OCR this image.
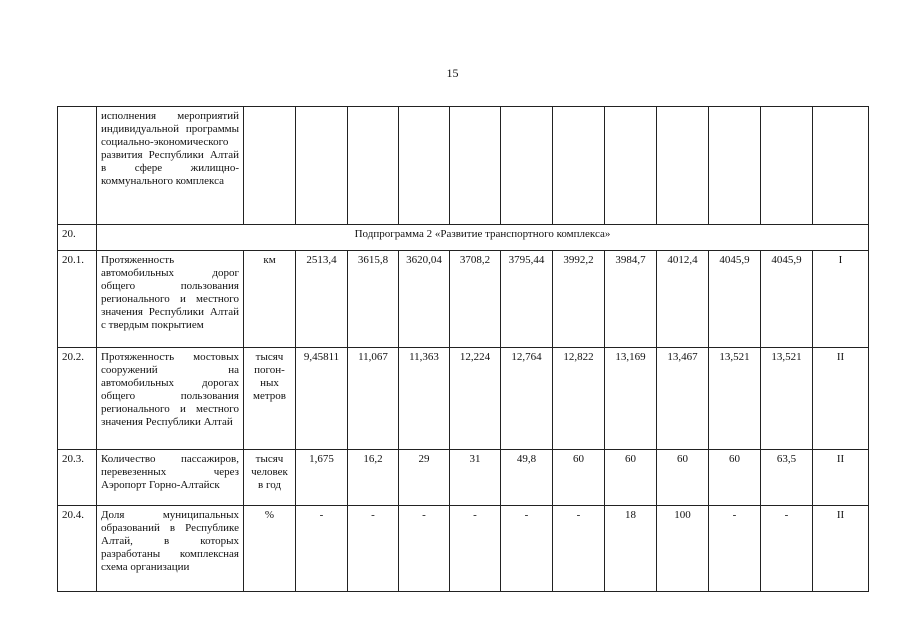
15
	исполнения мероприятий индивидуальной программы социально-экономического развития Республики Алтай в сфере жилищно-коммунального комплекса												
20.	Подпрограмма 2 «Развитие транспортного комплекса»												
20.1.	Протяженность автомобильных дорог общего пользования регионального и местного значения Республики Алтай с твердым покрытием	км	2513,4	3615,8	3620,04	3708,2	3795,44	3992,2	3984,7	4012,4	4045,9	4045,9	I
20.2.	Протяженность мостовых сооружений на автомобильных дорогах общего пользования регионального и местного значения Республики Алтай	тысяч
погон-
ных
метров	9,45811	11,067	11,363	12,224	12,764	12,822	13,169	13,467	13,521	13,521	II
20.3.	Количество пассажиров, перевезенных через Аэропорт Горно-Алтайск	тысяч
человек
в год	1,675	16,2	29	31	49,8	60	60	60	60	63,5	II
20.4.	Доля муниципальных образований в Республике Алтай, в которых разработаны комплексная схема организации	%	-	-	-	-	-	-	18	100	-	-	II
